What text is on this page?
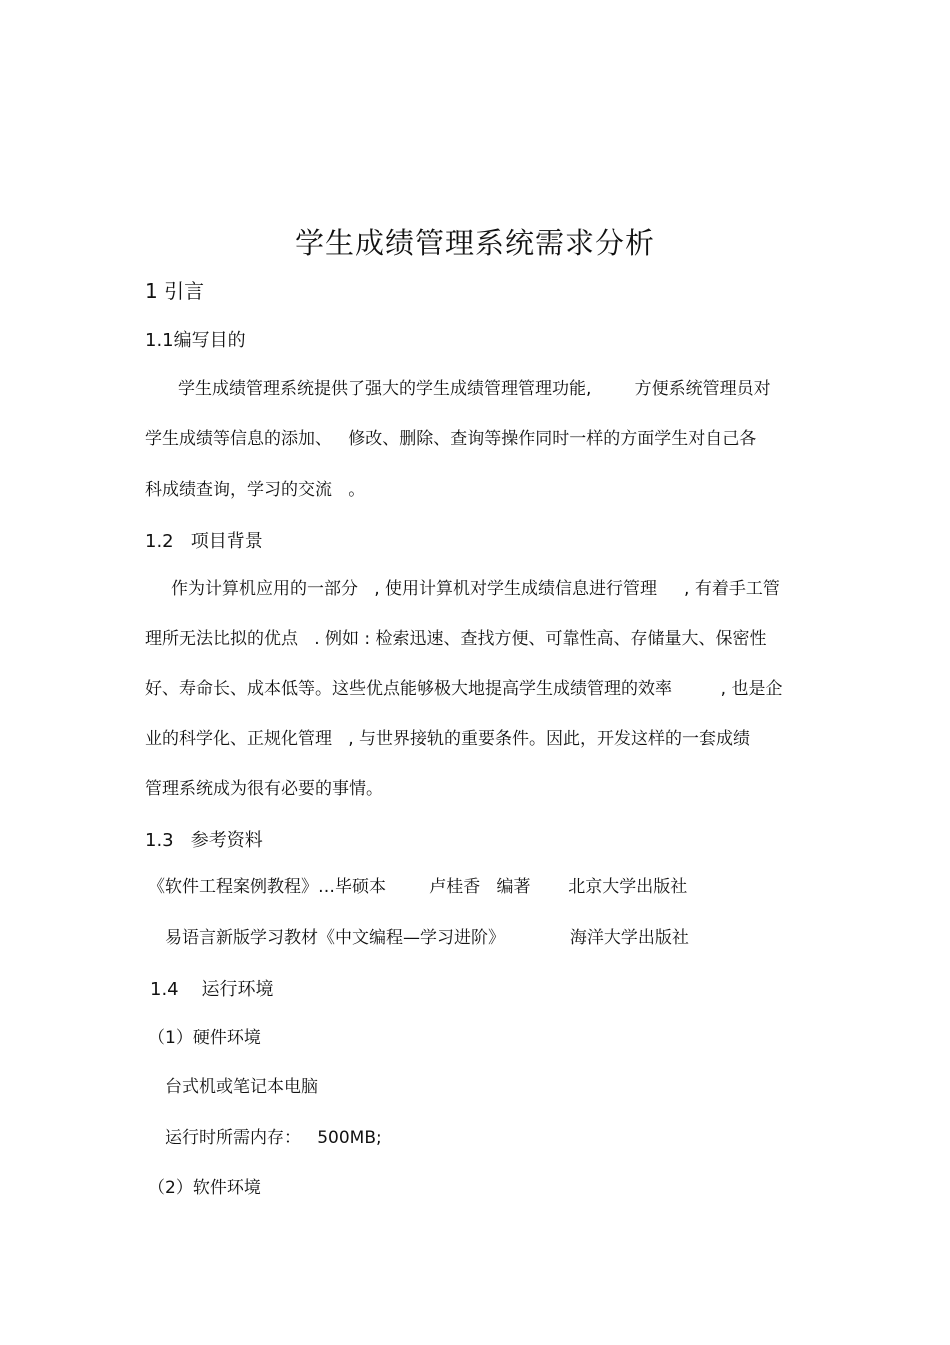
学生成绩管理系统需求分析
1 引言
1.1编写目的
学生成绩管理系统提供了强大的学生成绩管理管理功能,        方便系统管理员对
学生成绩等信息的添加、   修改、删除、查询等操作同时一样的方面学生对自己各
科成绩查询，学习的交流   。
1.2   项目背景
作为计算机应用的一部分   , 使用计算机对学生成绩信息进行管理     , 有着手工管
理所无法比拟的优点   . 例如 : 检索迅速、查找方便、可靠性高、存储量大、保密性
好、寿命长、成本低等。这些优点能够极大地提高学生成绩管理的效率         , 也是企
业的科学化、正规化管理   , 与世界接轨的重要条件。因此，开发这样的一套成绩
管理系统成为很有必要的事情。
1.3   参考资料
《软件工程案例教程》…毕硕本        卢桂香   编著       北京大学出版社
易语言新版学习教材《中文编程—学习进阶》            海洋大学出版社
1.4    运行环境
（1）硬件环境
台式机或笔记本电脑
运行时所需内存：   500MB;
（2）软件环境
